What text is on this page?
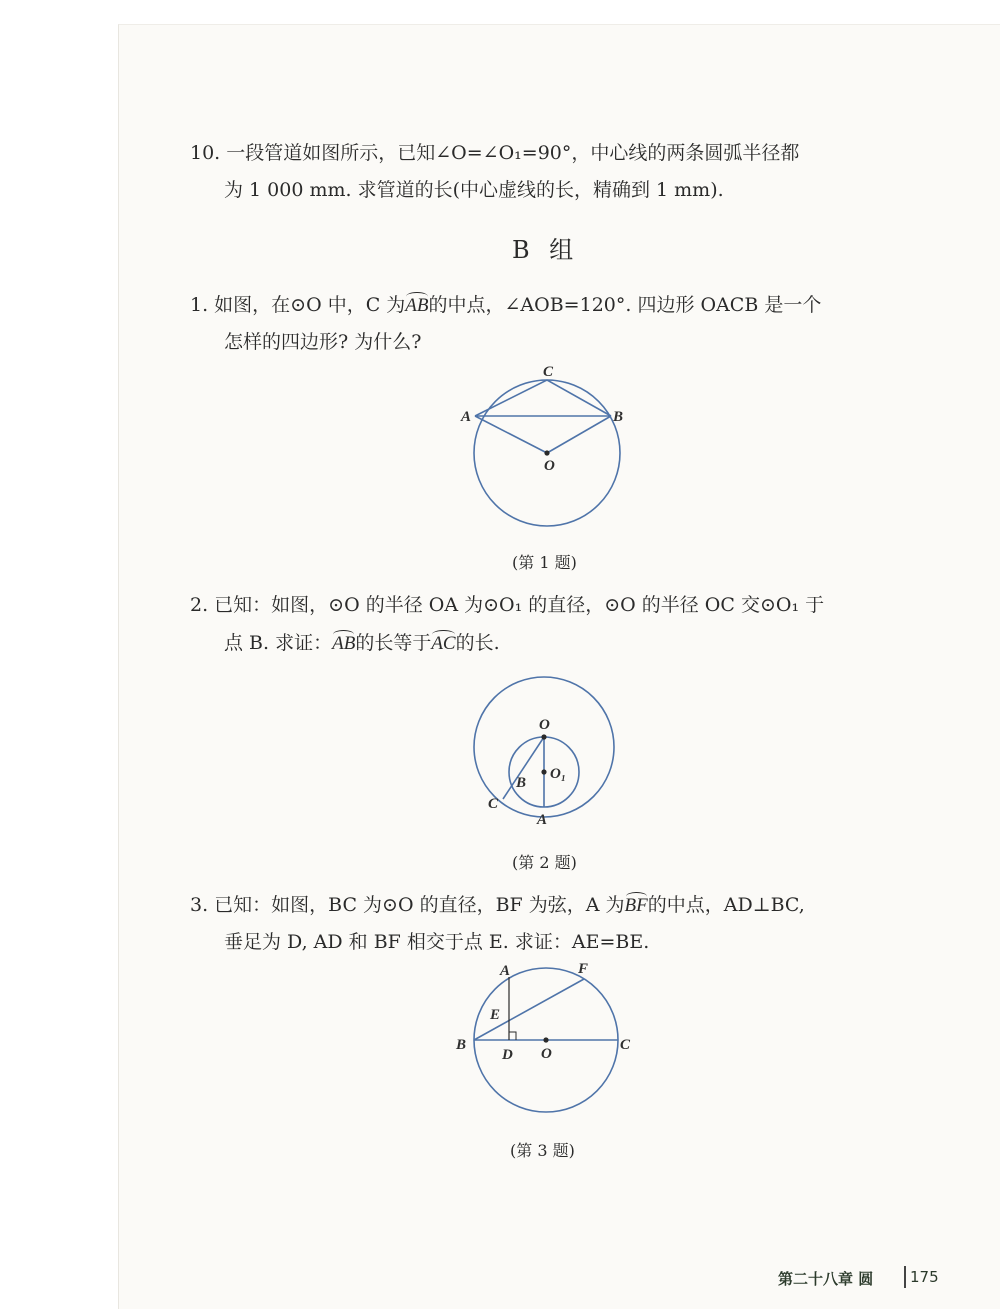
10. 一段管道如图所示，已知∠O=∠O₁=90°，中心线的两条圆弧半径都
为 1 000 mm. 求管道的长(中心虚线的长，精确到 1 mm).
B 组
1. 如图，在⊙O 中，C 为AB的中点，∠AOB=120°. 四边形 OACB 是一个
怎样的四边形? 为什么?
C
A	B
O
(第 1 题)
2. 已知：如图，⊙O 的半径 OA 为⊙O₁ 的直径，⊙O 的半径 OC 交⊙O₁ 于
点 B. 求证：AB的长等于AC的长.
O
O₁
B
C
A
(第 2 题)
3. 已知：如图，BC 为⊙O 的直径，BF 为弦，A 为BF的中点，AD⊥BC,
垂足为 D, AD 和 BF 相交于点 E. 求证：AE=BE.
A	F
E
B
D O
C
(第 3 题)
第二十八章 圆 175
